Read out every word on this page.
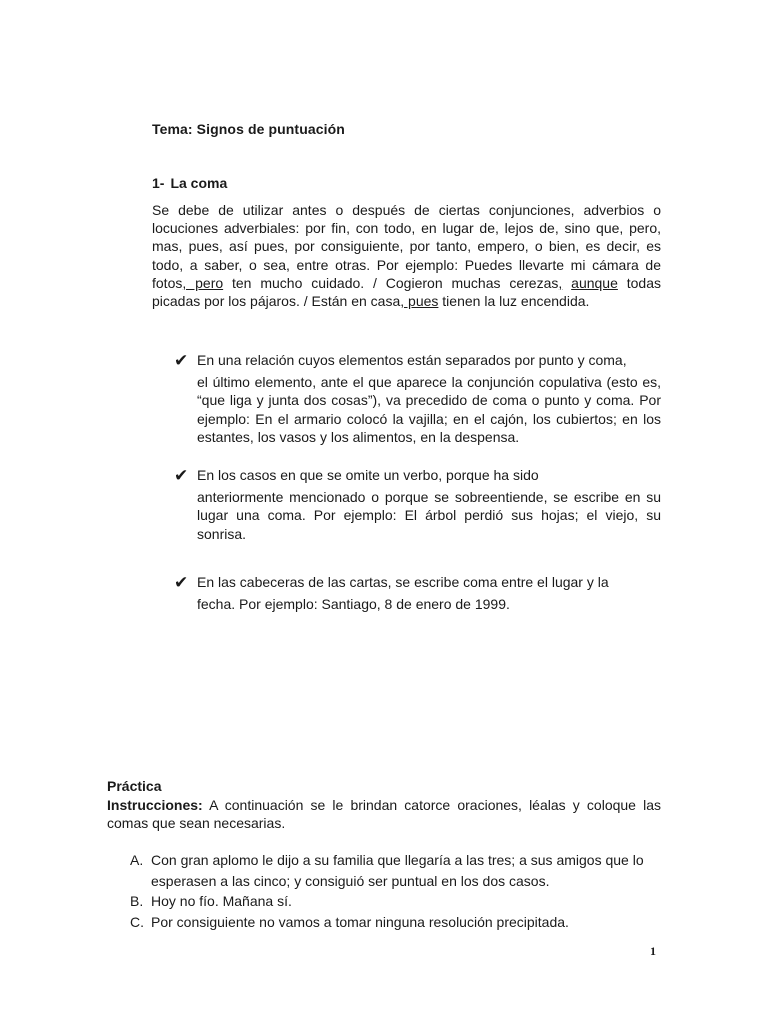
Tema: Signos de puntuación
1- La coma
Se debe de utilizar antes o después de ciertas conjunciones, adverbios o locuciones adverbiales: por fin, con todo, en lugar de, lejos de, sino que, pero, mas, pues, así pues, por consiguiente, por tanto, empero, o bien, es decir, es todo, a saber, o sea, entre otras. Por ejemplo: Puedes llevarte mi cámara de fotos, pero ten mucho cuidado. / Cogieron muchas cerezas, aunque todas picadas por los pájaros. / Están en casa, pues tienen la luz encendida.
✔ En una relación cuyos elementos están separados por punto y coma,
el último elemento, ante el que aparece la conjunción copulativa (esto es, “que liga y junta dos cosas”), va precedido de coma o punto y coma. Por ejemplo: En el armario colocó la vajilla; en el cajón, los cubiertos; en los estantes, los vasos y los alimentos, en la despensa.
✔ En los casos en que se omite un verbo, porque ha sido
anteriormente mencionado o porque se sobreentiende, se escribe en su lugar una coma. Por ejemplo: El árbol perdió sus hojas; el viejo, su sonrisa.
✔ En las cabeceras de las cartas, se escribe coma entre el lugar y la
fecha. Por ejemplo: Santiago, 8 de enero de 1999.
Práctica
Instrucciones: A continuación se le brindan catorce oraciones, léalas y coloque las comas que sean necesarias.
A. Con gran aplomo le dijo a su familia que llegaría a las tres; a sus amigos que lo esperasen a las cinco; y consiguió ser puntual en los dos casos.
B. Hoy no fío. Mañana sí.
C. Por consiguiente no vamos a tomar ninguna resolución precipitada.
1
